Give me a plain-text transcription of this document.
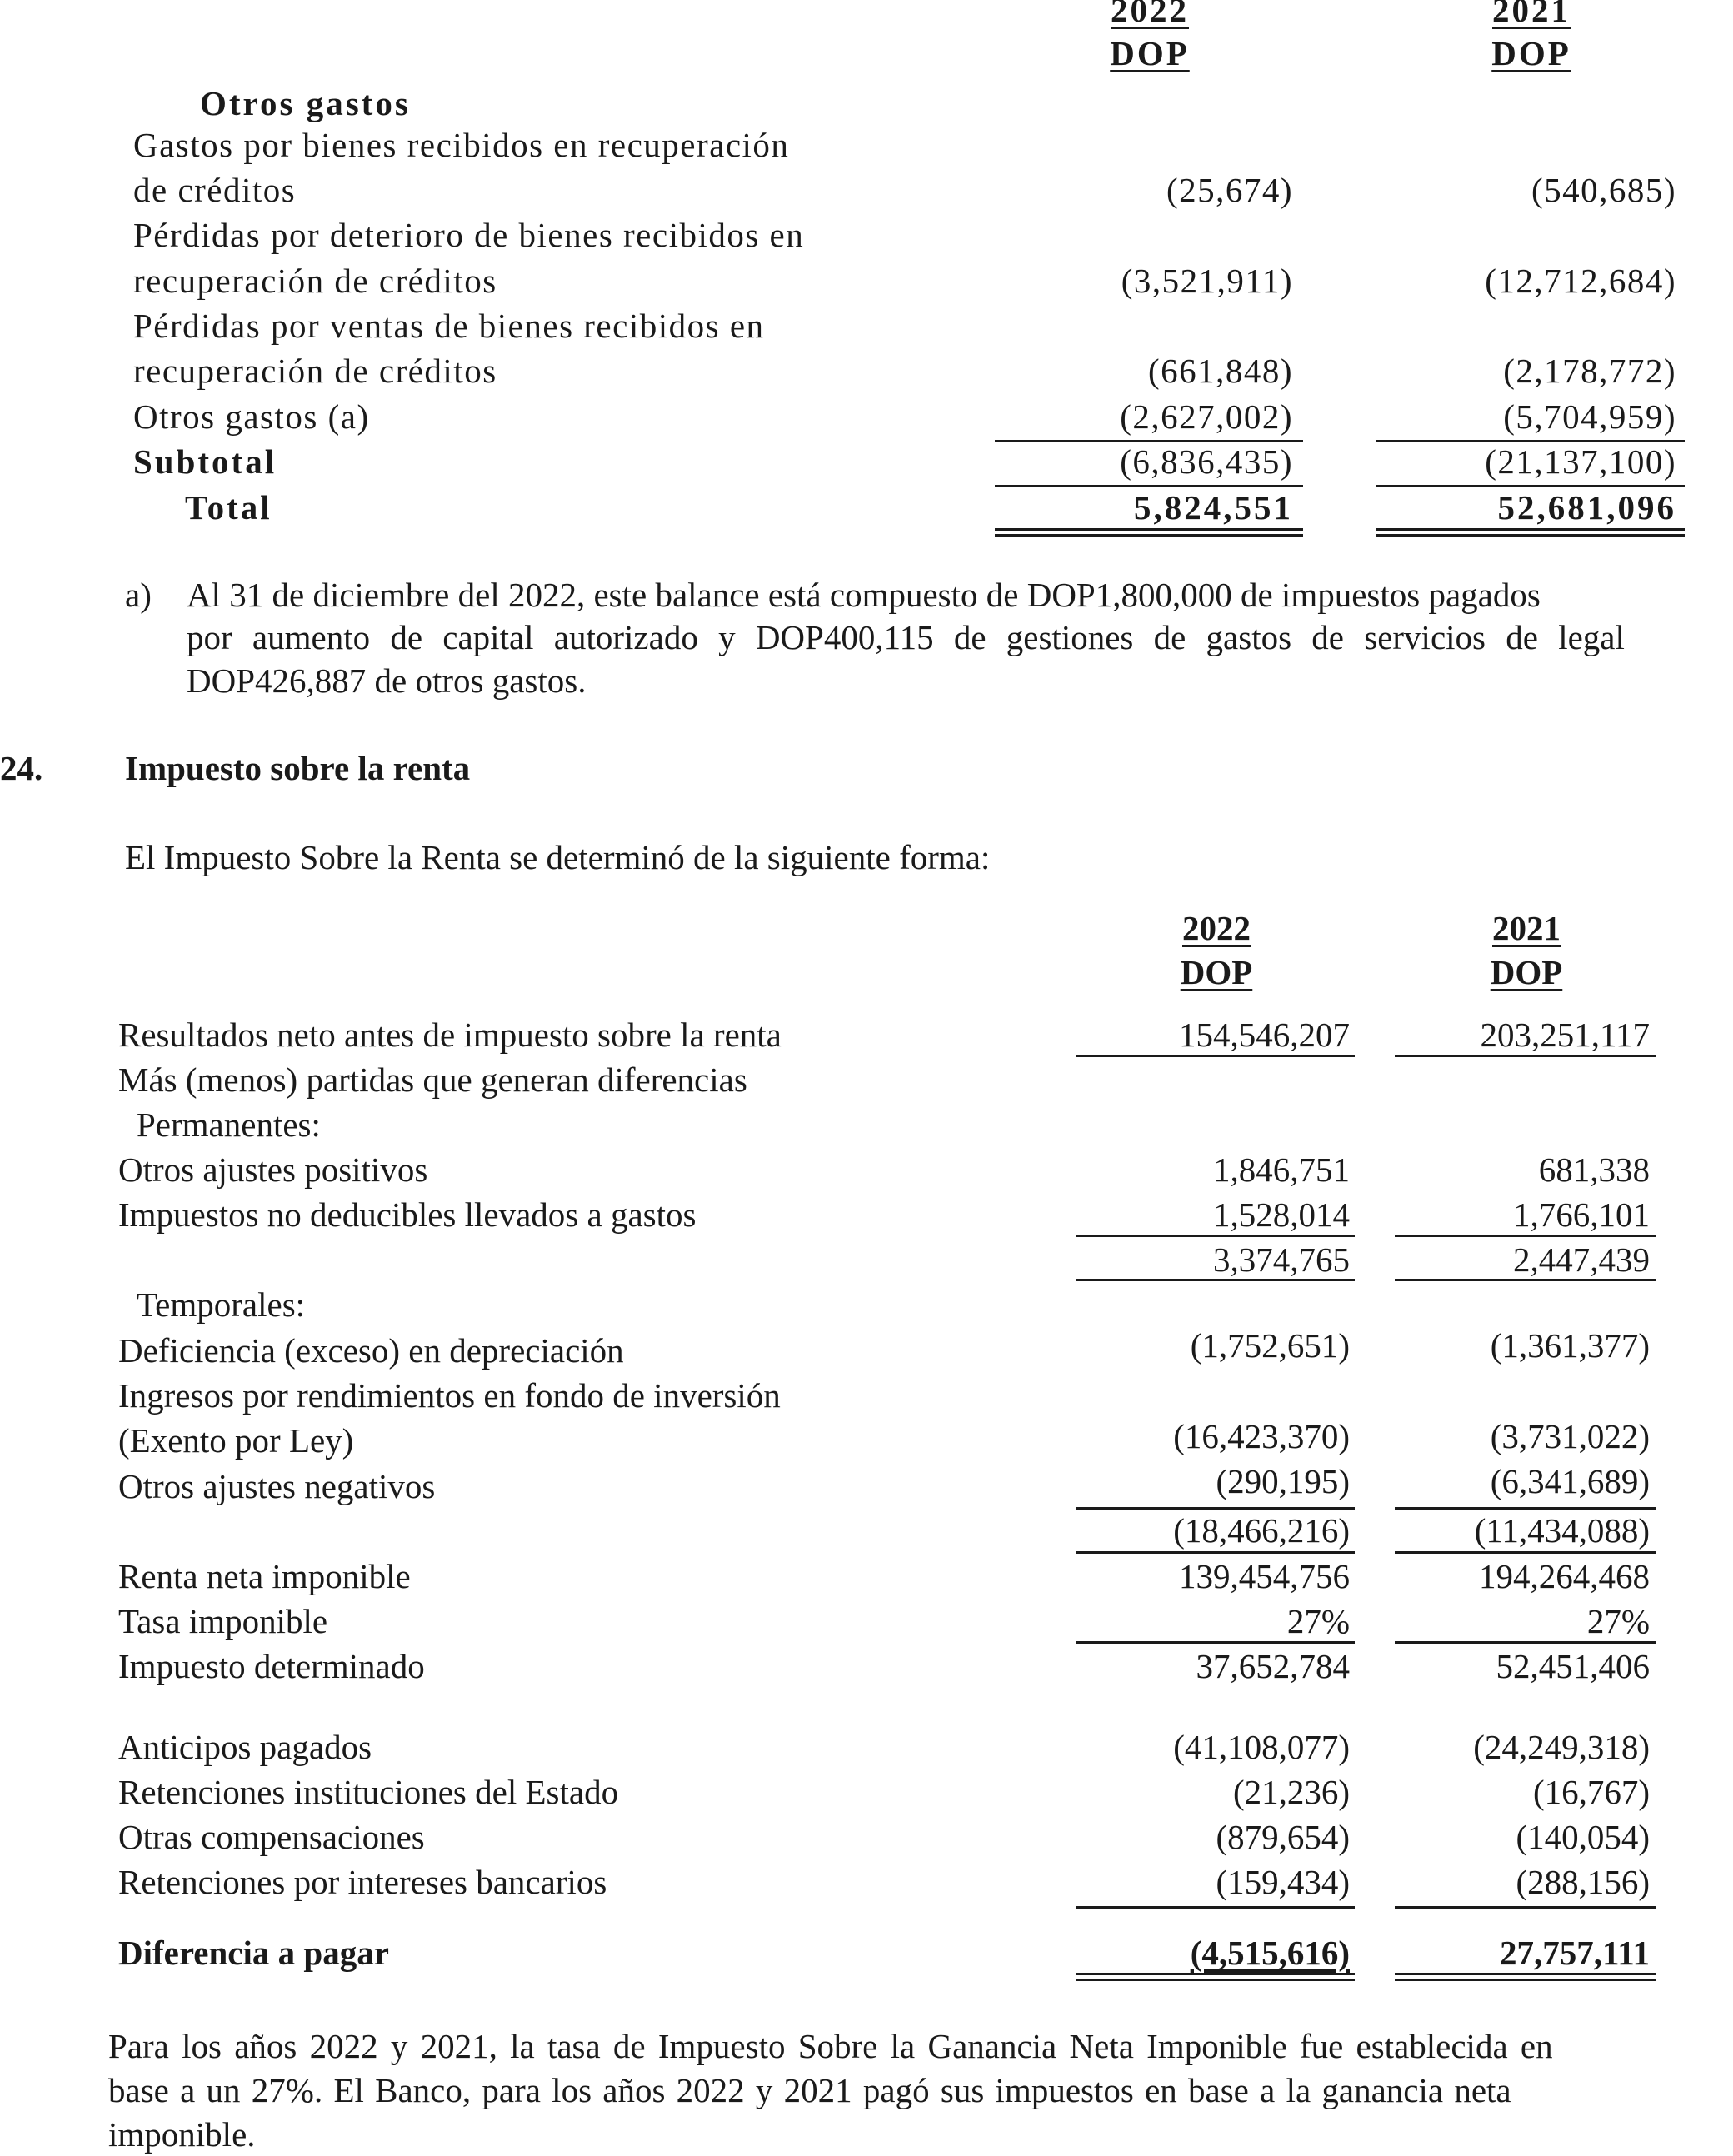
2022
DOP
2021
DOP
Otros gastos
Gastos por bienes recibidos en recuperación
de créditos	(25,674)	(540,685)
Pérdidas por deterioro de bienes recibidos en
recuperación de créditos	(3,521,911)	(12,712,684)
Pérdidas por ventas de bienes recibidos en
recuperación de créditos	(661,848)	(2,178,772)
Otros gastos (a)	(2,627,002)	(5,704,959)
Subtotal	(6,836,435)	(21,137,100)
Total	5,824,551	52,681,096
a) Al 31 de diciembre del 2022, este balance está compuesto de DOP1,800,000 de impuestos pagados
por aumento de capital autorizado y DOP400,115 de gestiones de gastos de servicios de legal
DOP426,887 de otros gastos.
24. Impuesto sobre la renta
El Impuesto Sobre la Renta se determinó de la siguiente forma:
2022
DOP
2021
DOP
Resultados neto antes de impuesto sobre la renta	154,546,207	203,251,117
Más (menos) partidas que generan diferencias
Permanentes:
Otros ajustes positivos	1,846,751	681,338
Impuestos no deducibles llevados a gastos	1,528,014	1,766,101
3,374,765	2,447,439
Temporales:
Deficiencia (exceso) en depreciación	(1,752,651)	(1,361,377)
Ingresos por rendimientos en fondo de inversión
(Exento por Ley)	(16,423,370)	(3,731,022)
Otros ajustes negativos	(290,195)	(6,341,689)
(18,466,216)	(11,434,088)
Renta neta imponible	139,454,756	194,264,468
Tasa imponible	27%	27%
Impuesto determinado	37,652,784	52,451,406
Anticipos pagados	(41,108,077)	(24,249,318)
Retenciones instituciones del Estado	(21,236)	(16,767)
Otras compensaciones	(879,654)	(140,054)
Retenciones por intereses bancarios	(159,434)	(288,156)
Diferencia a pagar	(4,515,616)	27,757,111
Para los años 2022 y 2021, la tasa de Impuesto Sobre la Ganancia Neta Imponible fue establecida en
base a un 27%. El Banco, para los años 2022 y 2021 pagó sus impuestos en base a la ganancia neta
imponible.
